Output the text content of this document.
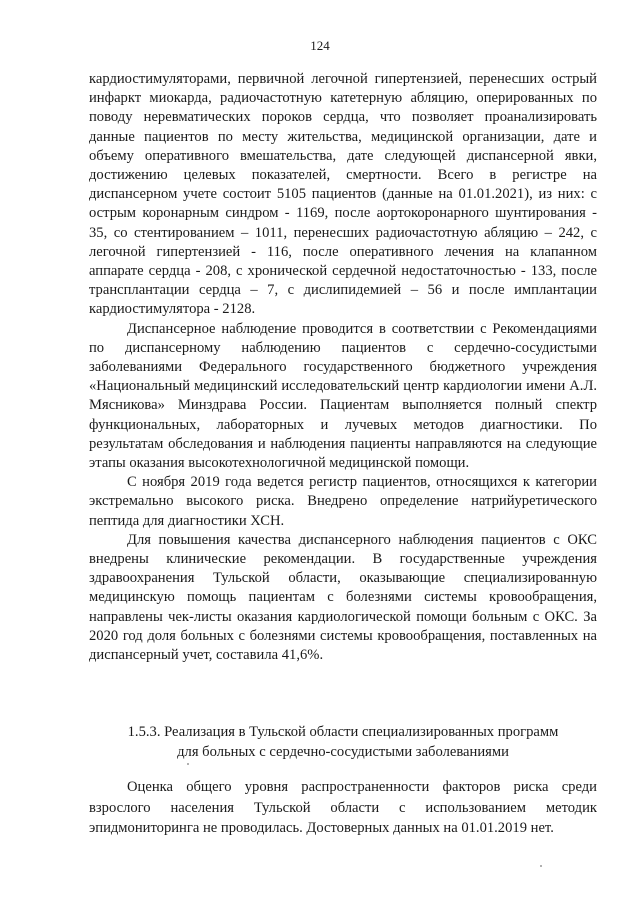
124

кардиостимуляторами, первичной легочной гипертензией, перенесших острый инфаркт миокарда, радиочастотную катетерную абляцию, оперированных по поводу неревматических пороков сердца, что позволяет проанализировать данные пациентов по месту жительства, медицинской организации, дате и объему оперативного вмешательства, дате следующей диспансерной явки, достижению целевых показателей, смертности. Всего в регистре на диспансерном учете состоит 5105 пациентов (данные на 01.01.2021), из них: с острым коронарным синдром - 1169, после аортокоронарного шунтирования - 35, со стентированием – 1011, перенесших радиочастотную абляцию – 242, с легочной гипертензией - 116, после оперативного лечения на клапанном аппарате сердца - 208, с хронической сердечной недостаточностью - 133, после трансплантации сердца – 7, с дислипидемией – 56 и после имплантации кардиостимулятора - 2128.

Диспансерное наблюдение проводится в соответствии с Рекомендациями по диспансерному наблюдению пациентов с сердечно-сосудистыми заболеваниями Федерального государственного бюджетного учреждения «Национальный медицинский исследовательский центр кардиологии имени А.Л. Мясникова» Минздрава России. Пациентам выполняется полный спектр функциональных, лабораторных и лучевых методов диагностики. По результатам обследования и наблюдения пациенты направляются на следующие этапы оказания высокотехнологичной медицинской помощи.

С ноября 2019 года ведется регистр пациентов, относящихся к категории экстремально высокого риска. Внедрено определение натрийуретического пептида для диагностики ХСН.

Для повышения качества диспансерного наблюдения пациентов с ОКС внедрены клинические рекомендации. В государственные учреждения здравоохранения Тульской области, оказывающие специализированную медицинскую помощь пациентам с болезнями системы кровообращения, направлены чек-листы оказания кардиологической помощи больным с ОКС. За 2020 год доля больных с болезнями системы кровообращения, поставленных на диспансерный учет, составила 41,6%.

1.5.3. Реализация в Тульской области специализированных программ
для больных с сердечно-сосудистыми заболеваниями

Оценка общего уровня распространенности факторов риска среди взрослого населения Тульской области с использованием методик эпидмониторинга не проводилась. Достоверных данных на 01.01.2019 нет.
